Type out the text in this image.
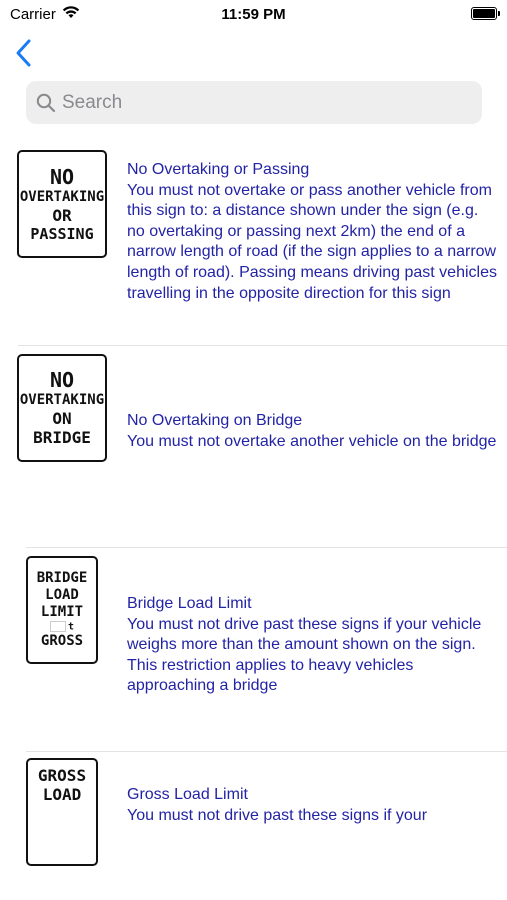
Carrier	11:59 PM
Search
NO
OVERTAKING
OR
PASSING
No Overtaking or Passing
You must not overtake or pass another vehicle from this sign to: a distance shown under the sign (e.g. no overtaking or passing next 2km) the end of a narrow length of road (if the sign applies to a narrow length of road). Passing means driving past vehicles travelling in the opposite direction for this sign
NO
OVERTAKING
ON
BRIDGE
No Overtaking on Bridge
You must not overtake another vehicle on the bridge
BRIDGE
LOAD
LIMIT
t
GROSS
Bridge Load Limit
You must not drive past these signs if your vehicle weighs more than the amount shown on the sign. This restriction applies to heavy vehicles approaching a bridge
GROSS
LOAD	Gross Load Limit
You must not drive past these signs if your
